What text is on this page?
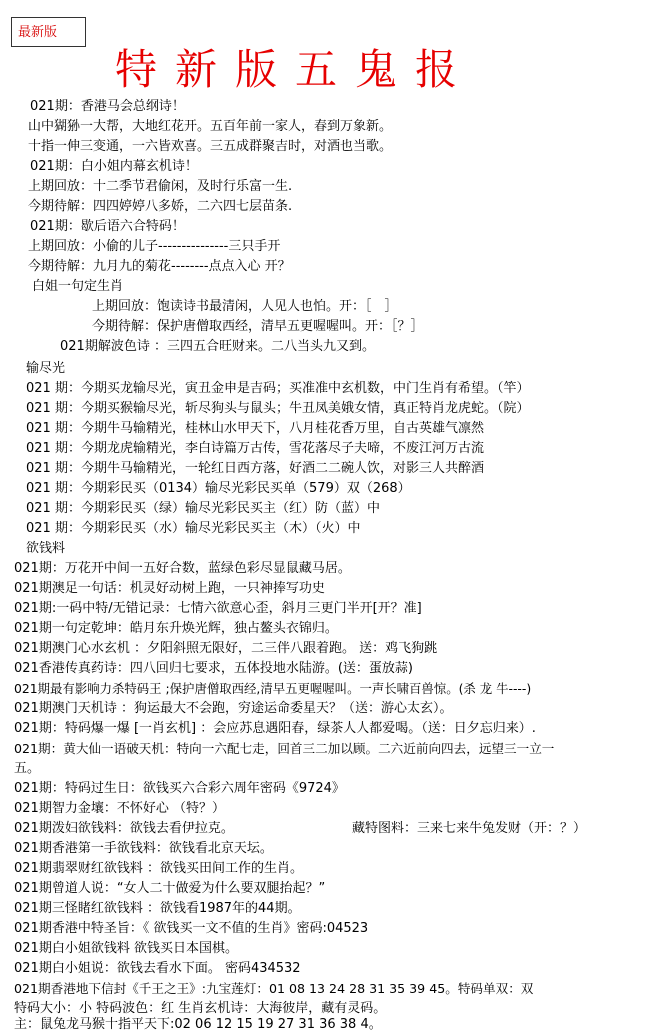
最新版
特新版五鬼报
021期：香港马会总纲诗！
山中猢狲一大帮，大地红花开。五百年前一家人，春到万象新。
十指一伸三变通，一六皆欢喜。三五成群聚吉时，对酒也当歌。
021期：白小姐内幕玄机诗！
上期回放：十二季节君偷闲，及时行乐富一生.
今期待解：四四婷婷八多娇，二六四七层苗条.
021期：歇后语六合特码！
上期回放：小偷的儿子---------------三只手开
今期待解：九月九的菊花--------点点入心 开？
白姐一句定生肖
上期回放：饱读诗书最清闲，人见人也怕。开：［　］
今期待解：保护唐僧取西经，清早五更喔喔叫。开：［？］
021期解波色诗 ：三四五合旺财来。二八当头九又到。
输尽光
021 期：今期买龙输尽光，寅丑金申是吉码；买准准中玄机数，中门生肖有希望。（竿）
021 期：今期买猴输尽光，斩尽狗头与鼠头；牛丑凤美娥女情，真正特肖龙虎蛇。（院）
021 期：今期牛马输精光，桂林山水甲天下，八月桂花香万里，自古英雄气凛然
021 期：今期龙虎输精光，李白诗篇万古传，雪花落尽子夫啼，不废江河万古流
021 期：今期牛马输精光，一轮红日西方落，好酒二二碗人饮，对影三人共醉酒
021 期：今期彩民买（0134）输尽光彩民买单（579）双（268）
021 期：今期彩民买（绿）输尽光彩民买主（红）防（蓝）中
021 期：今期彩民买（水）输尽光彩民买主（木）（火）中
欲钱料
021期：万花开中间一五好合数，蓝绿色彩尽显鼠藏马居。
021期澳足一句话：机灵好动树上跑，一只神捧写功史
021期:一码中特/无错记录：七情六欲意心歪，斜月三更门半开[开？准]
021期一句定乾坤：皓月东升焕光辉，独占鳌头衣锦归。
021期澳门心水玄机 ：夕阳斜照无限好，二三伴八跟着跑。 送：鸡飞狗跳
021香港传真药诗：四八回归七要求，五体投地水陆游。(送：蛋放蒜)
021期最有影响力杀特码王 ;保护唐僧取西经,清早五更喔喔叫。一声长啸百兽惊。(杀 龙 牛----)
021期澳门天机诗 ：狗运最大不会跑，穷途运命委星天？（送：游心太玄）。
021期：特码爆一爆 [一肖玄机] ：会应苏息遇阳春，绿茶人人都爱喝。（送：日夕忘归来）.
021期：黄大仙一语破天机：特向一六配七走，回首三二加以顾。二六近前向四去，远望三一立一
五。
021期：特码过生日：欲钱买六合彩六周年密码《9724》
021期智力金壤：不怀好心 （特？）
021期泼妇欲钱料：欲钱去看伊拉克。	藏特图料：三来七来牛兔发财（开：？）
021期香港第一手欲钱料：欲钱看北京天坛。
021期翡翠财红欲钱料 ：欲钱买田间工作的生肖。
021期曾道人说：“女人二十做爱为什么要双腿抬起？”
021期三怪睹红欲钱料 ：欲钱看1987年的44期。
021期香港中特圣旨：《 欲钱买一文不值的生肖》密码:04523
021期白小姐欲钱料 欲钱买日本国棋。
021期白小姐说：欲钱去看水下面。 密码434532
021期香港地下信封《千王之王》:九宝莲灯：01 08 13 24 28 31 35 39 45。特码单双：双
特码大小：小 特码波色：红 生肖玄机诗：大海彼岸，藏有灵码。
主：鼠兔龙马猴十指平天下:02 06 12 15 19 27 31 36 38 4。
